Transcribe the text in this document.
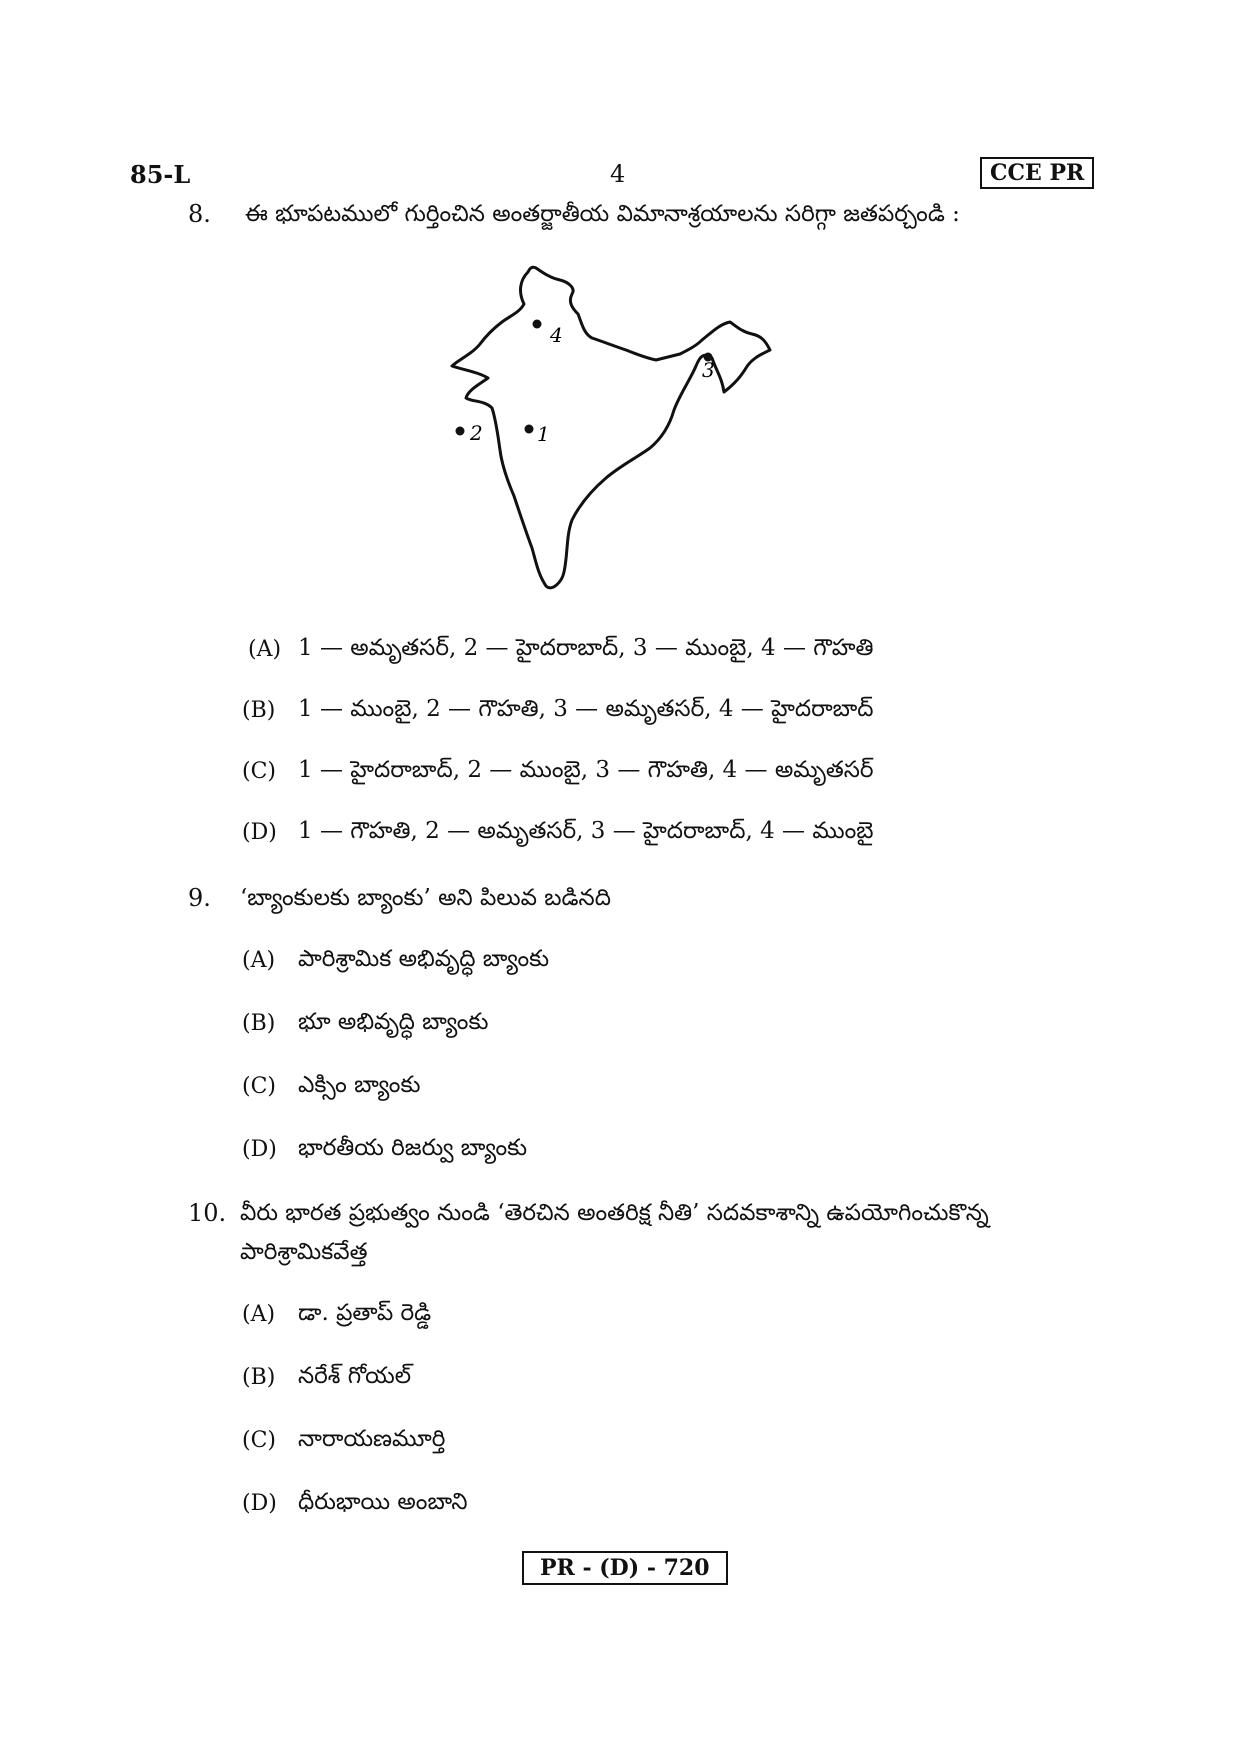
85-L	4	CCE PR
8. ఈ భూపటములో గుర్తించిన అంతర్జాతీయ విమానాశ్రయాలను సరిగ్గా జతపర్చండి :
4
2	1
3
(A) 1 — అమృతసర్, 2 — హైదరాబాద్, 3 — ముంబై, 4 — గౌహతి
(B) 1 — ముంబై, 2 — గౌహతి, 3 — అమృతసర్, 4 — హైదరాబాద్
(C) 1 — హైదరాబాద్, 2 — ముంబై, 3 — గౌహతి, 4 — అమృతసర్
(D) 1 — గౌహతి, 2 — అమృతసర్, 3 — హైదరాబాద్, 4 — ముంబై
9. ‘బ్యాంకులకు బ్యాంకు’ అని పిలువ బడినది
(A) పారిశ్రామిక అభివృద్ధి బ్యాంకు
(B) భూ అభివృద్ధి బ్యాంకు
(C) ఎక్సిం బ్యాంకు
(D) భారతీయ రిజర్వు బ్యాంకు
10. వీరు భారత ప్రభుత్వం నుండి ‘తెరచిన అంతరిక్ష నీతి’ సదవకాశాన్ని ఉపయోగించుకొన్న
పారిశ్రామికవేత్త
(A) డా. ప్రతాప్ రెడ్డి
(B) నరేశ్ గోయల్
(C) నారాయణమూర్తి
(D) ధీరుభాయి అంబాని
PR - (D) - 720
